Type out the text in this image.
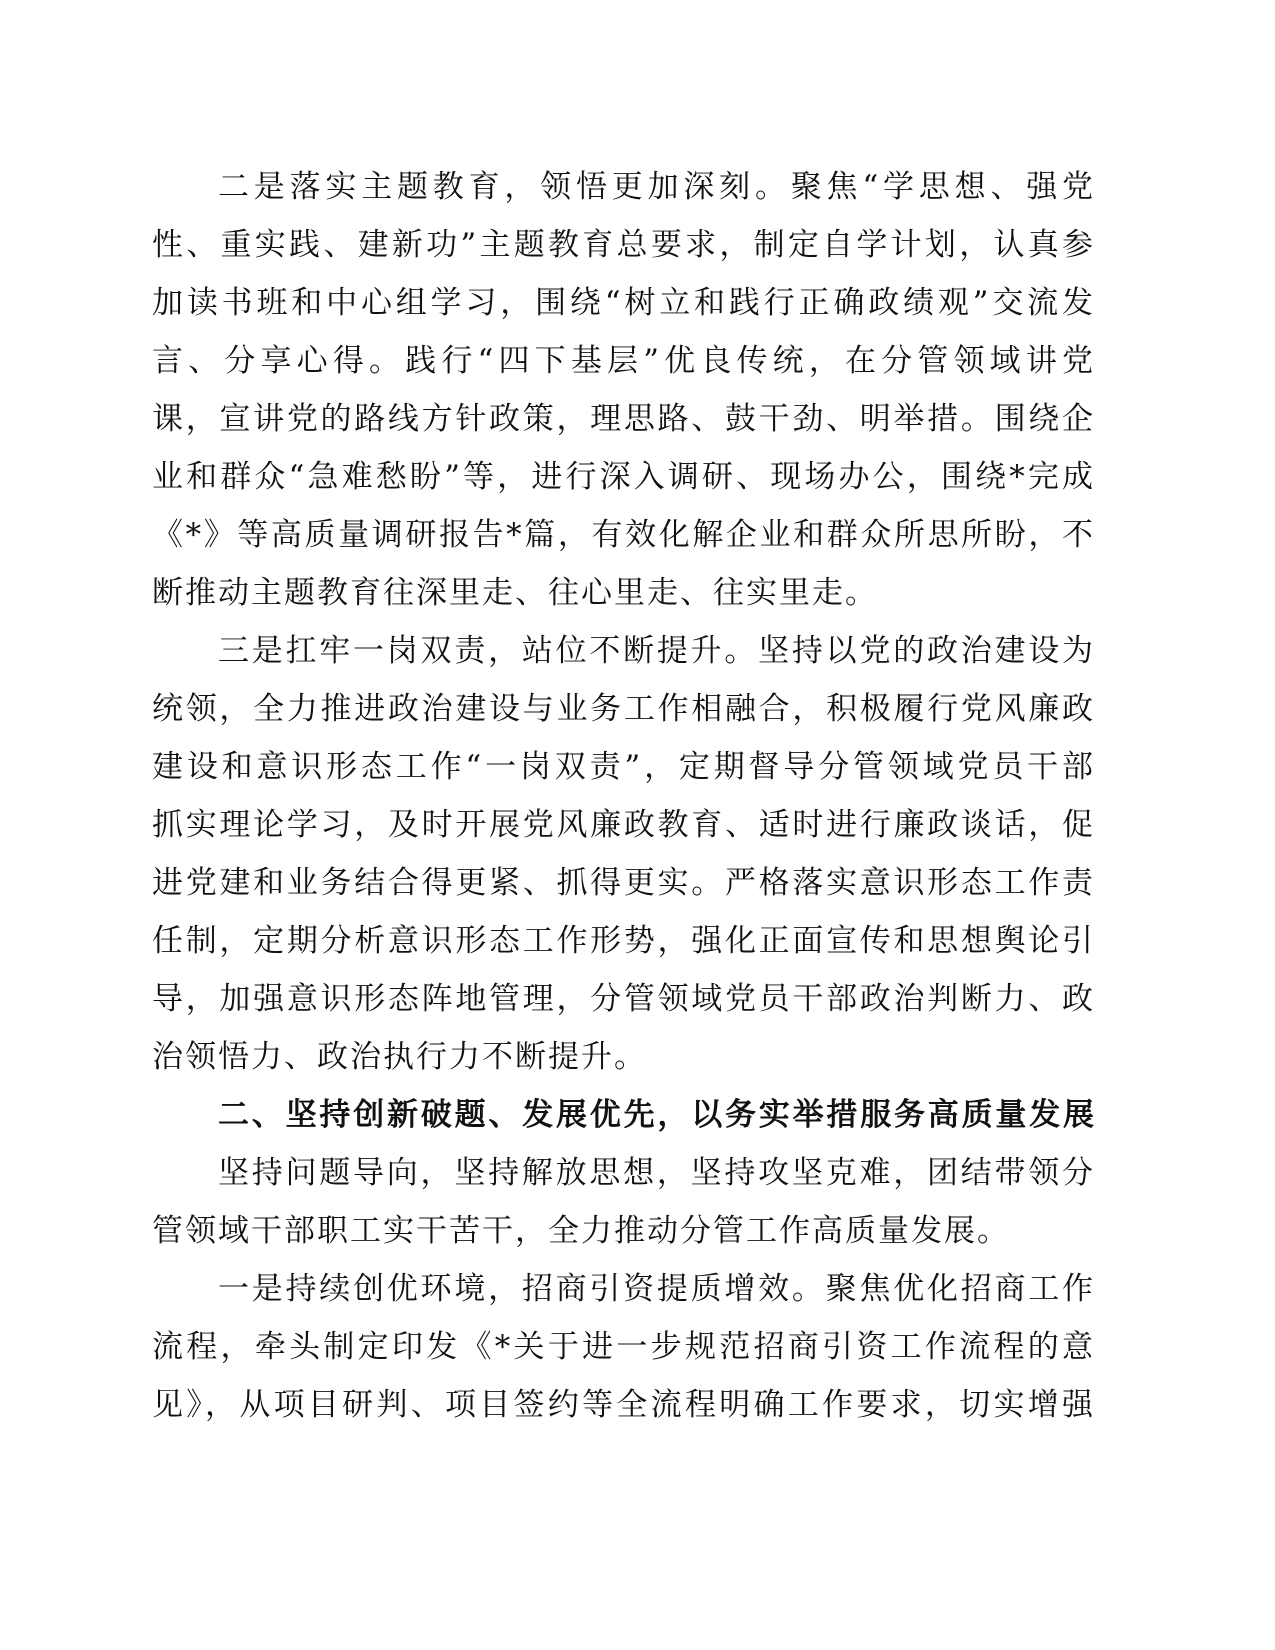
二是落实主题教育，领悟更加深刻。聚焦“学思想、强党
性、重实践、建新功”主题教育总要求，制定自学计划，认真参
加读书班和中心组学习，围绕“树立和践行正确政绩观”交流发
言、分享心得。践行“四下基层”优良传统，在分管领域讲党
课，宣讲党的路线方针政策，理思路、鼓干劲、明举措。围绕企
业和群众“急难愁盼”等，进行深入调研、现场办公，围绕*完成
《*》等高质量调研报告*篇，有效化解企业和群众所思所盼，不
断推动主题教育往深里走、往心里走、往实里走。
三是扛牢一岗双责，站位不断提升。坚持以党的政治建设为
统领，全力推进政治建设与业务工作相融合，积极履行党风廉政
建设和意识形态工作“一岗双责”，定期督导分管领域党员干部
抓实理论学习，及时开展党风廉政教育、适时进行廉政谈话，促
进党建和业务结合得更紧、抓得更实。严格落实意识形态工作责
任制，定期分析意识形态工作形势，强化正面宣传和思想舆论引
导，加强意识形态阵地管理，分管领域党员干部政治判断力、政
治领悟力、政治执行力不断提升。
二、坚持创新破题、发展优先，以务实举措服务高质量发展
坚持问题导向，坚持解放思想，坚持攻坚克难，团结带领分
管领域干部职工实干苦干，全力推动分管工作高质量发展。
一是持续创优环境，招商引资提质增效。聚焦优化招商工作
流程，牵头制定印发《*关于进一步规范招商引资工作流程的意
见》，从项目研判、项目签约等全流程明确工作要求，切实增强
